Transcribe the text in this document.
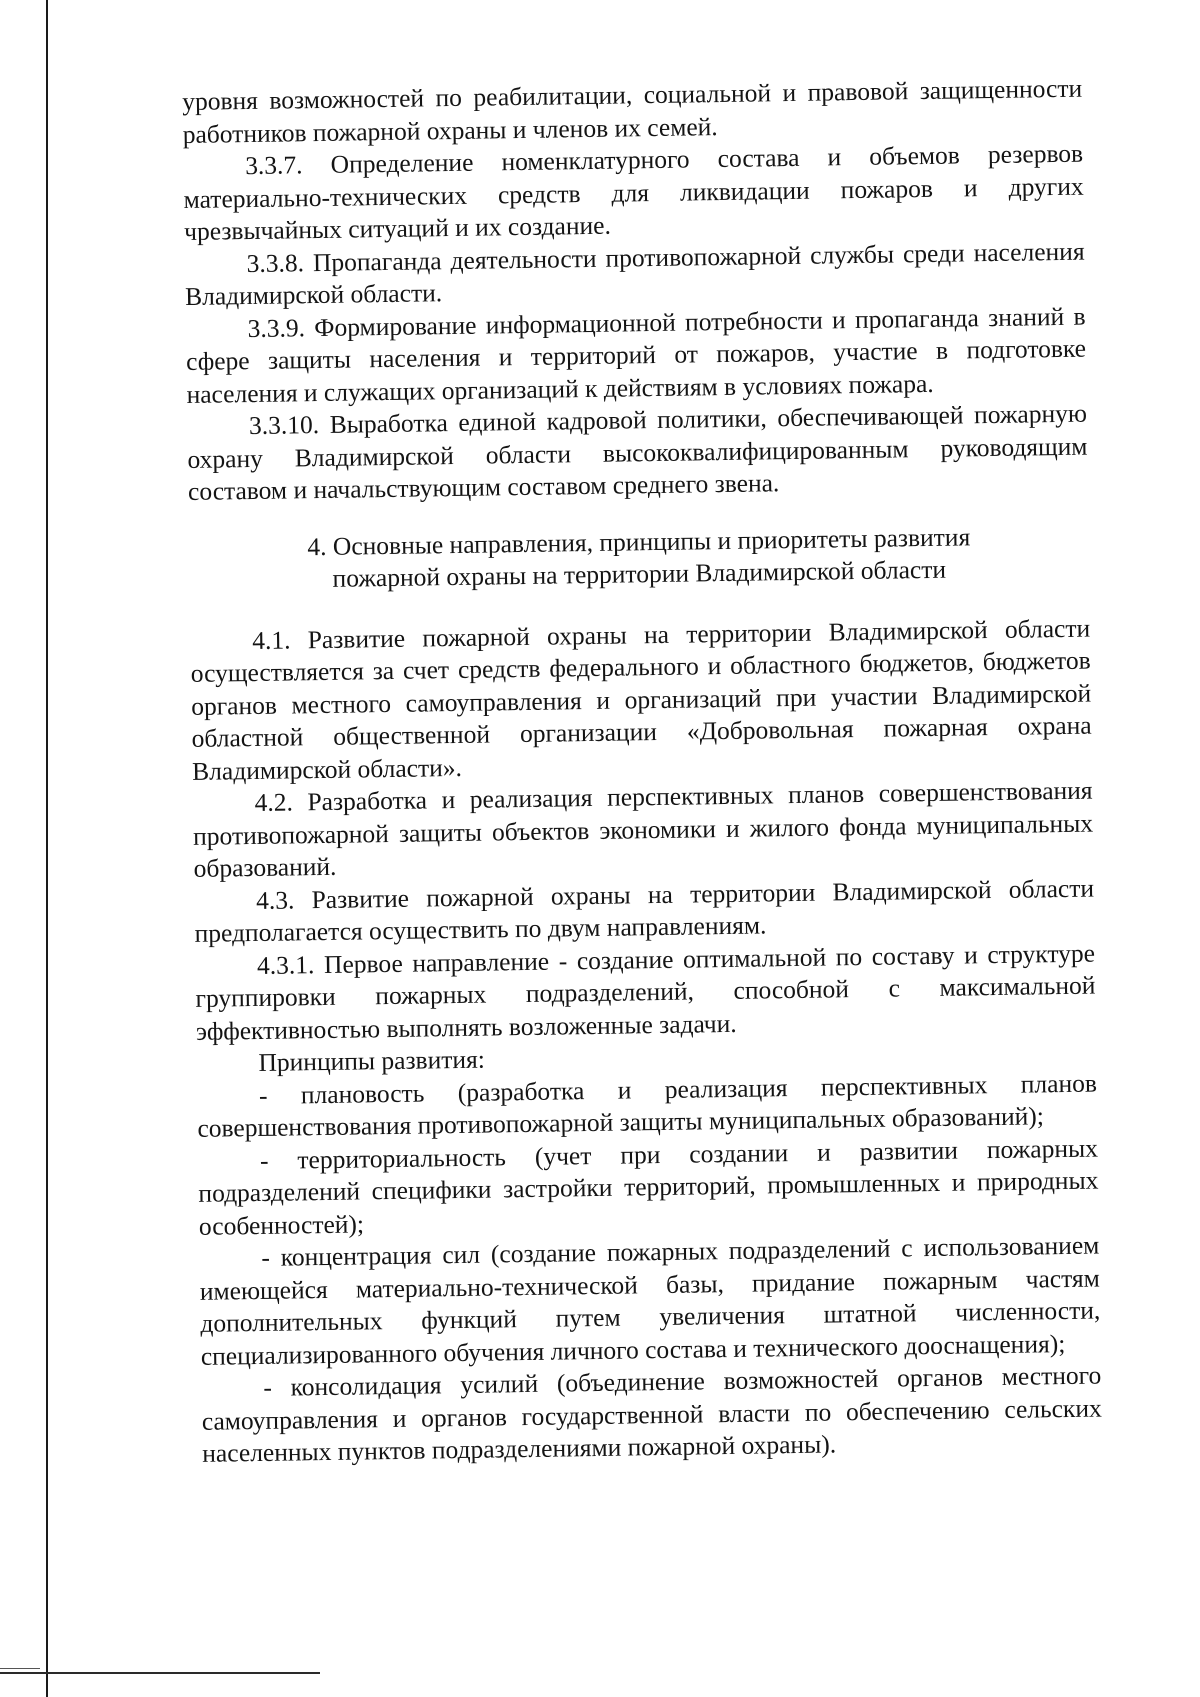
уровня возможностей по реабилитации, социальной и правовой защищенности работников пожарной охраны и членов их семей.

3.3.7. Определение номенклатурного состава и объемов резервов материально-технических средств для ликвидации пожаров и других чрезвычайных ситуаций и их создание.

3.3.8. Пропаганда деятельности противопожарной службы среди населения Владимирской области.

3.3.9. Формирование информационной потребности и пропаганда знаний в сфере защиты населения и территорий от пожаров, участие в подготовке населения и служащих организаций к действиям в условиях пожара.

3.3.10. Выработка единой кадровой политики, обеспечивающей пожарную охрану Владимирской области высококвалифицированным руководящим составом и начальствующим составом среднего звена.

4. Основные направления, принципы и приоритеты развития
пожарной охраны на территории Владимирской области

4.1. Развитие пожарной охраны на территории Владимирской области осуществляется за счет средств федерального и областного бюджетов, бюджетов органов местного самоуправления и организаций при участии Владимирской областной общественной организации «Добровольная пожарная охрана Владимирской области».

4.2. Разработка и реализация перспективных планов совершенствования противопожарной защиты объектов экономики и жилого фонда муниципальных образований.

4.3. Развитие пожарной охраны на территории Владимирской области предполагается осуществить по двум направлениям.

4.3.1. Первое направление - создание оптимальной по составу и структуре группировки пожарных подразделений, способной с максимальной эффективностью выполнять возложенные задачи.

Принципы развития:

- плановость (разработка и реализация перспективных планов совершенствования противопожарной защиты муниципальных образований);

- территориальность (учет при создании и развитии пожарных подразделений специфики застройки территорий, промышленных и природных особенностей);

- концентрация сил (создание пожарных подразделений с использованием имеющейся материально-технической базы, придание пожарным частям дополнительных функций путем увеличения штатной численности, специализированного обучения личного состава и технического дооснащения);

- консолидация усилий (объединение возможностей органов местного самоуправления и органов государственной власти по обеспечению сельских населенных пунктов подразделениями пожарной охраны).
